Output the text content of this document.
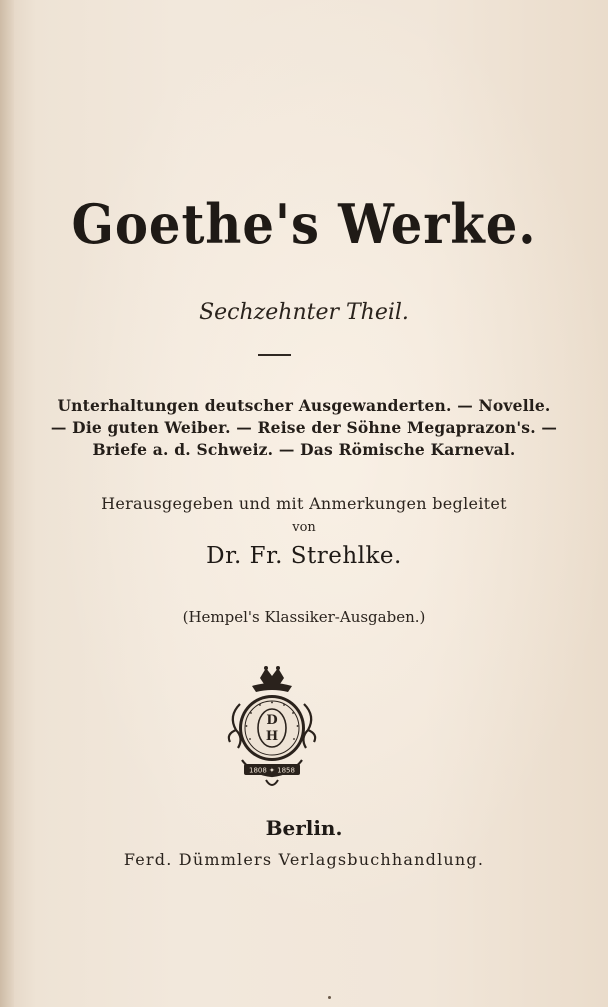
Goethe's Werke.
Sechzehnter Theil.
Unterhaltungen deutscher Ausgewanderten. — Novelle.
— Die guten Weiber. — Reise der Söhne Megaprazon's. —
Briefe a. d. Schweiz. — Das Römische Karneval.
Herausgegeben und mit Anmerkungen begleitet
von
Dr. Fr. Strehlke.
(Hempel's Klassiker-Ausgaben.)
D
H
1808 ✦ 1858
Berlin.
Ferd. Dümmlers Verlagsbuchhandlung.
